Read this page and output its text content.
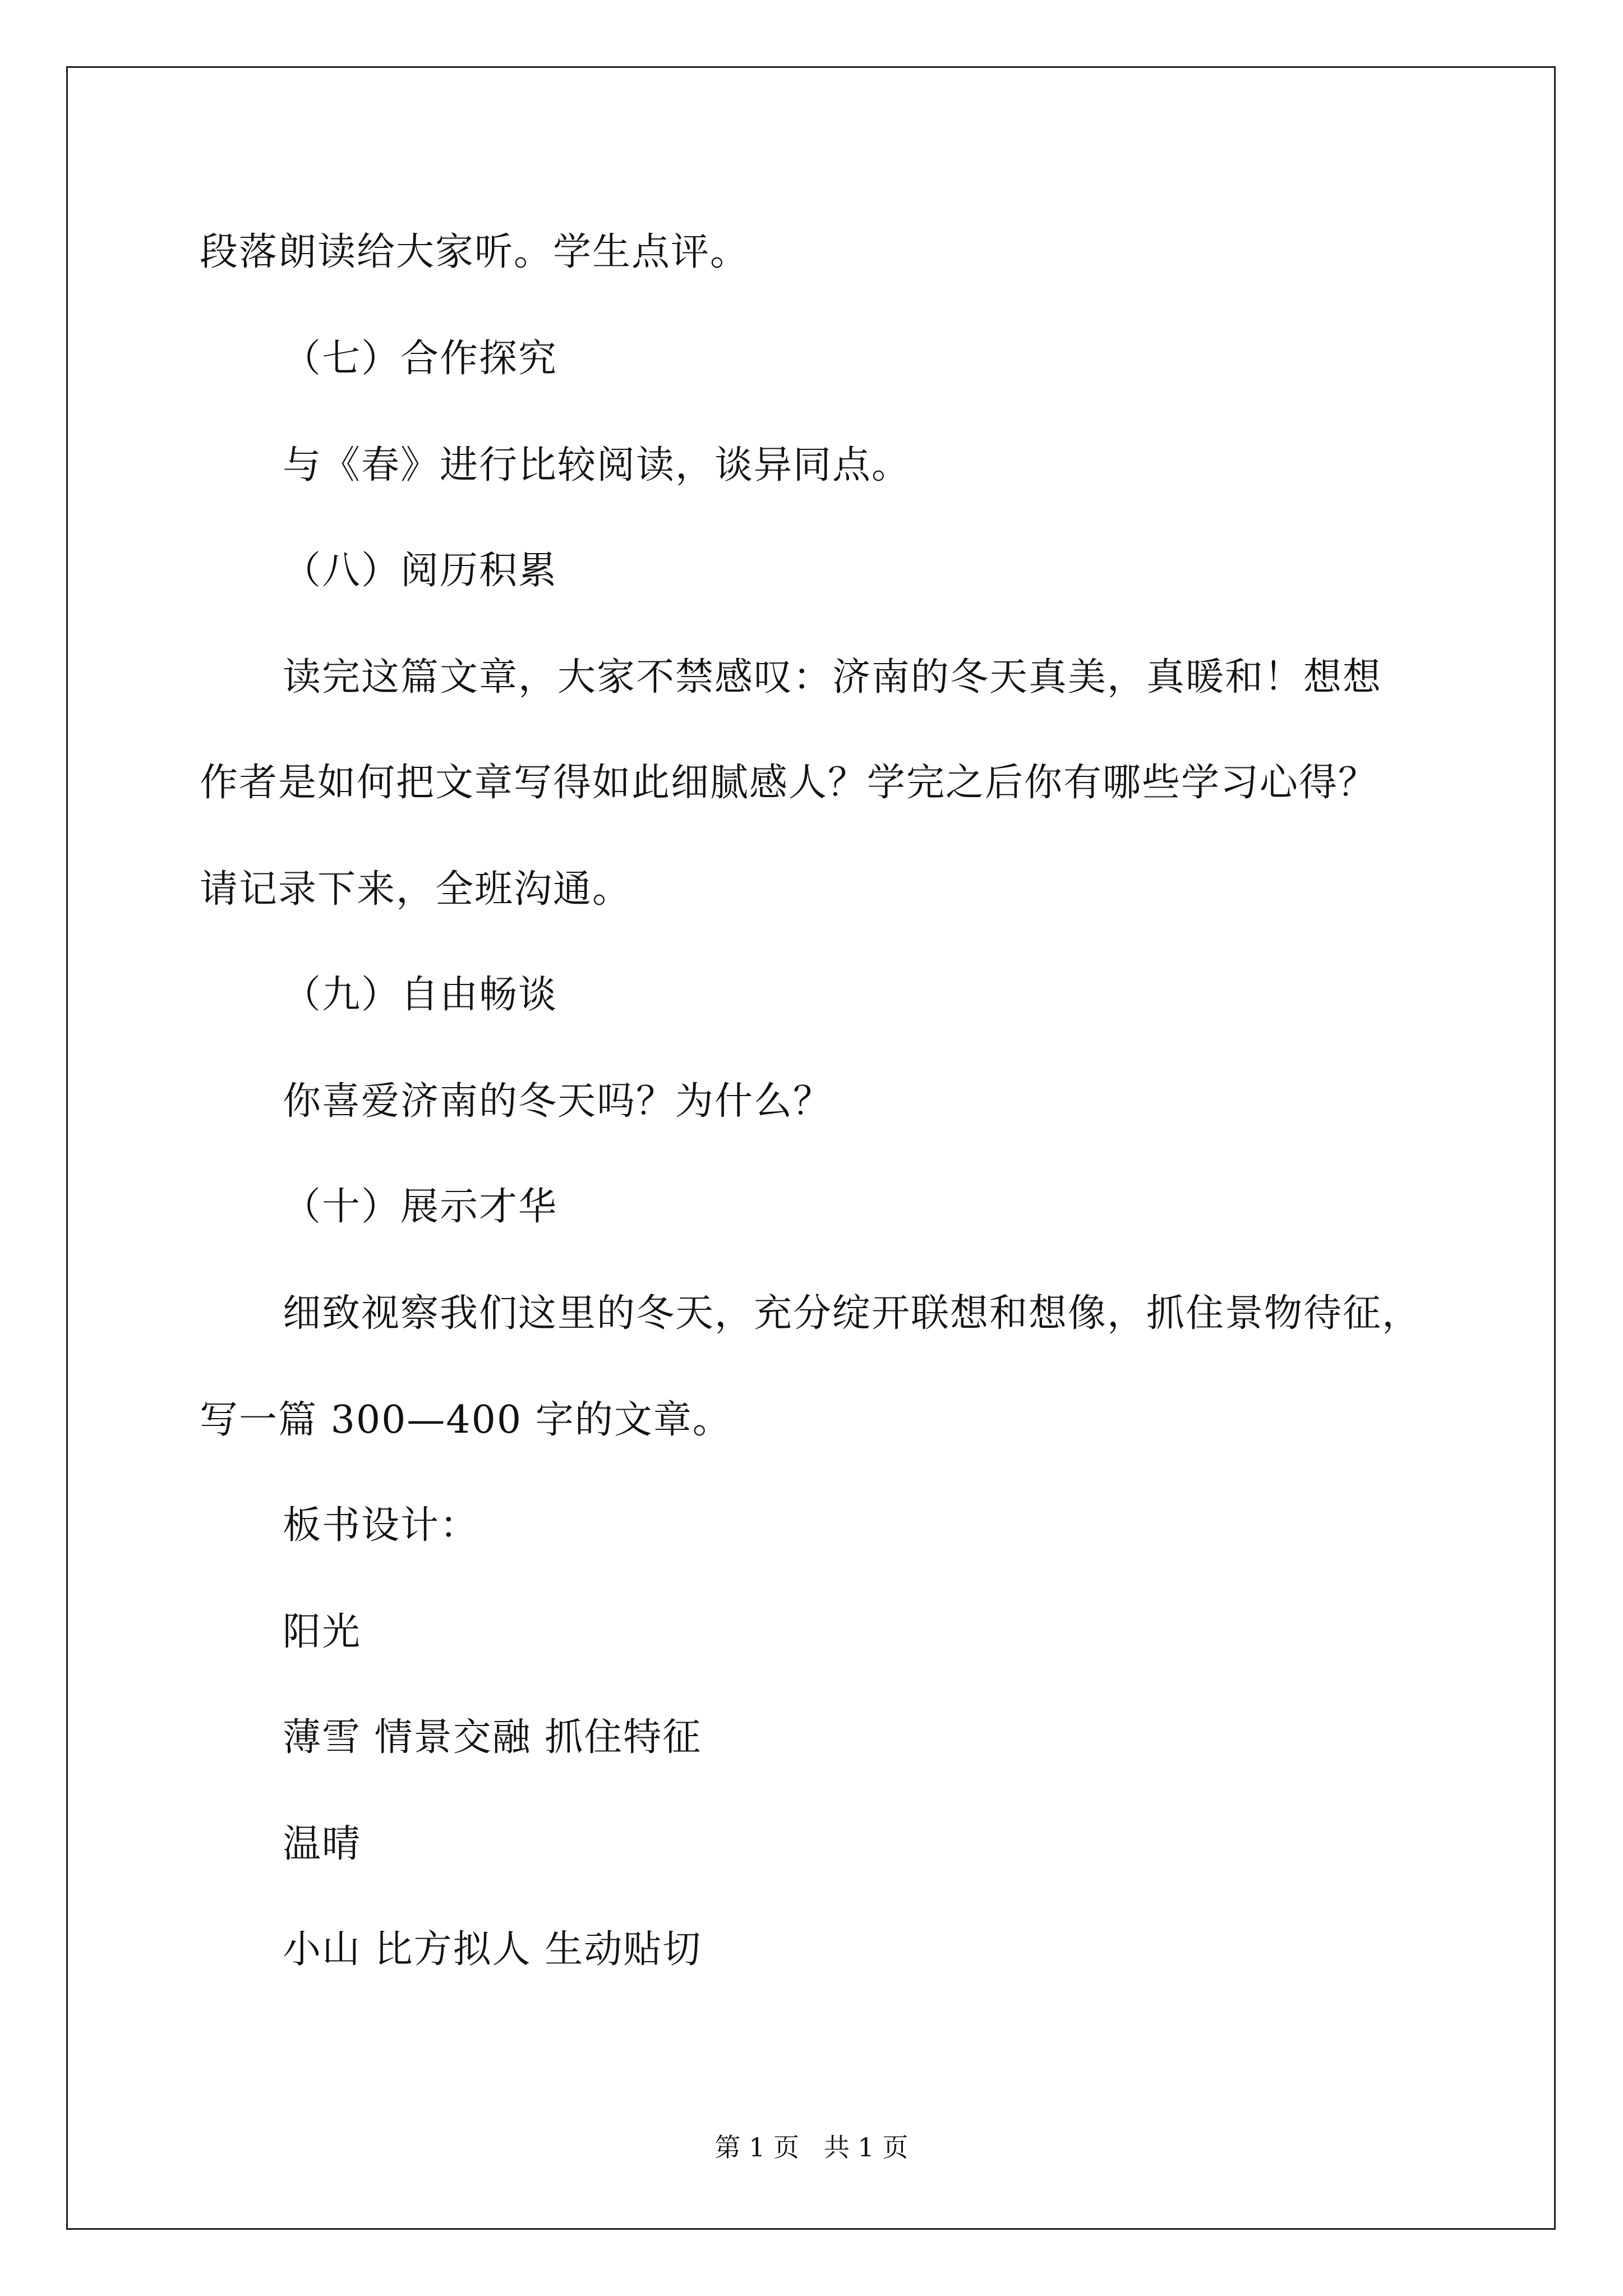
段落朗读给大家听。学生点评。
（七）合作探究
与《春》进行比较阅读，谈异同点。
（八）阅历积累
读完这篇文章，大家不禁感叹：济南的冬天真美，真暖和！想想
作者是如何把文章写得如此细腻感人？学完之后你有哪些学习心得？
请记录下来，全班沟通。
（九）自由畅谈
你喜爱济南的冬天吗？为什么？
（十）展示才华
细致视察我们这里的冬天，充分绽开联想和想像，抓住景物待征，
写一篇 300—400 字的文章。
板书设计：
阳光
薄雪 情景交融 抓住特征
温晴
小山 比方拟人 生动贴切
第 1 页   共 1 页
